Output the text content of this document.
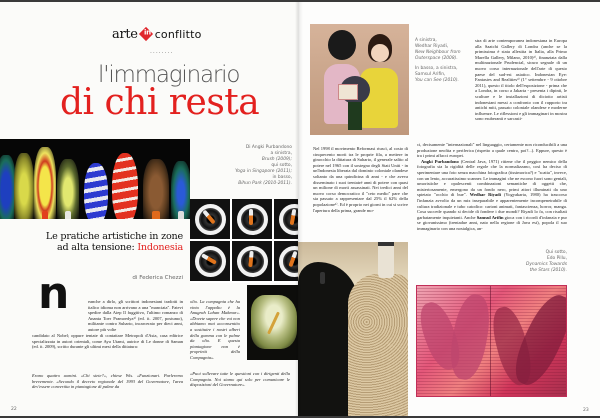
arte in conflitto
········
l'immaginario
di chi resta
Di Angki Purbandono
a sinistra,
Brush (2009);
qui sotto,
Yoga in Singapore (2011);
in basso,
Bihun Park (2010-2011).
Le pratiche artistiche in zone
ad alta tensione: Indonesia
di Federica Chezzi
n	eanche a dirlo, gli scrittori indonesiani tradotti in italico idioma non arrivano a una "manciata". Fatevi spedire dalla Aiep Il fuggitivo, l'ultimo romanzo di Ananta Toer Pramoedya¹⁾ (ed. it. 2007, postumo), militante contro Suharto, incarcerato per dieci anni, autore più volte
candidato al Nobel; oppure tentate di contattare Metropoli d'Asia, casa editrice specializzata in autori orientali, come Ayu Utami, autrice di Le donne di Saman (ed. it. 2009), scritto durante gli ultimi mesi della dittatura:
Erano quattro uomini. «Chi siete?», chiese Wis. «Funzionari. Parleremo brevemente. «Secondo il decreto regionale del 1993 del Governatore, l'area dev'essere convertita in piantagione di palme da
olio. La compagnia che ha vinto l'appalto è la Anugrah Lahan Makmur». «Dovete sapere che voi non abbiamo mai acconsentito a sostituire i nostri alberi della gomma con le palme da olio. E questa piantagione non è proprietà della Compagnia».
«Puoi sollevare tutte le questioni con i dirigenti della Compagnia. Noi siamo qui solo per comunicare le disposizioni del Governatore».
22

A sinistra,
Wedhar Riyadi,
New Neighbour from
Outerspace (2008).

In basso, a sinistra,
Samsul Arifin,
You can See (2010).

stra di arte contemporanea indonesiana in Europa alla Saatchi Gallery di Londra (anche se la primissima è stata allestita in Italia, alla Primo Marella Gallery, Milano, 2010)²⁾, finanziata dalla multinazionale Prudencial, sicuro segnale di un nuovo corso internazionale dell'arte di questo paese del sud-est asiatico. Indonesian Eye: Fantasies and Realities³⁾ (1° settembre - 9 ottobre 2011), questo il titolo dell'esposizione - prima che a Londra, in corso a Jakarta - presenta i dipinti, le sculture e le installazioni di diciotto artisti indonesiani messi a confronto con il rapporto tra antichi miti, passato coloniale olandese e moderne influenze. Le riflessioni e gli immaginari in mostra sono esuberanti e sarcasti-
Nel 1998 il movimento Reformasi riuscì, al costo di cinquecento morti tra le proprie fila, a mettere in ginocchio la dittatura di Suharto, il generale salito al potere nel 1965 con il sostegno degli Stati Uniti - in un'Indonesia liberata dal dominio coloniale olandese soltanto da una quindicina di anni - e che aveva disseminato i suoi trentatré anni di potere con quasi un milione di morti assassinati. Nei tredici anni del nuovo corso democratico il "ceto medio" pare che sia passato a rappresentare dal 25% il 62% della popolazione¹⁾. Ed è proprio nei giorni in cui si scrive l'apertura della prima, grande mo-
ci, decisamente "internazionali" nel linguaggio, certamente non riconducibili a una produzione neofita e periferica (rispetto a quale centro, poi?...). Eppure, questo è tra i primi affacci europei.
Angki Purbandono (Central Java, 1971) ritiene che il peggior nemico della fotografia sia la rigidità delle regole che la normalizzano, così ha deciso di sperimentare una foto senza macchina fotografica (tissimorica?) e "scatta", invece, con un lento, accuratissimo scanner. Le immagini che ne escono fuori sono geniali, umoristiche e opalescenti combinazioni semantiche di oggetti che, misteriosamente, emergono da un fondo nero, primi attori illuminati da uno spietato "occhio di bue". Wedhar Riyadi (Yogyakarta, 1980) ha trascorso l'infanzia avvolto da un mix inseparabile e apparentemente incompenetrabile di cultura tradizionale e tubo catodico: cartoni animati, fantascienza, horror, manga. Cosa succede quando si decide di fondere i due mondi? Riyadi lo fa, con risultati garbatamente inquietanti. Anche Samsul Arifin gioca con i ricordi d'infanzia e pur se giovanissimo (trentadue anni, nato nella regione di Java est), popola il suo immaginario con una nostalgica, an-
Qui sotto,
Edo Pillu,
Dynamics Towards
the Stars (2010).
23
